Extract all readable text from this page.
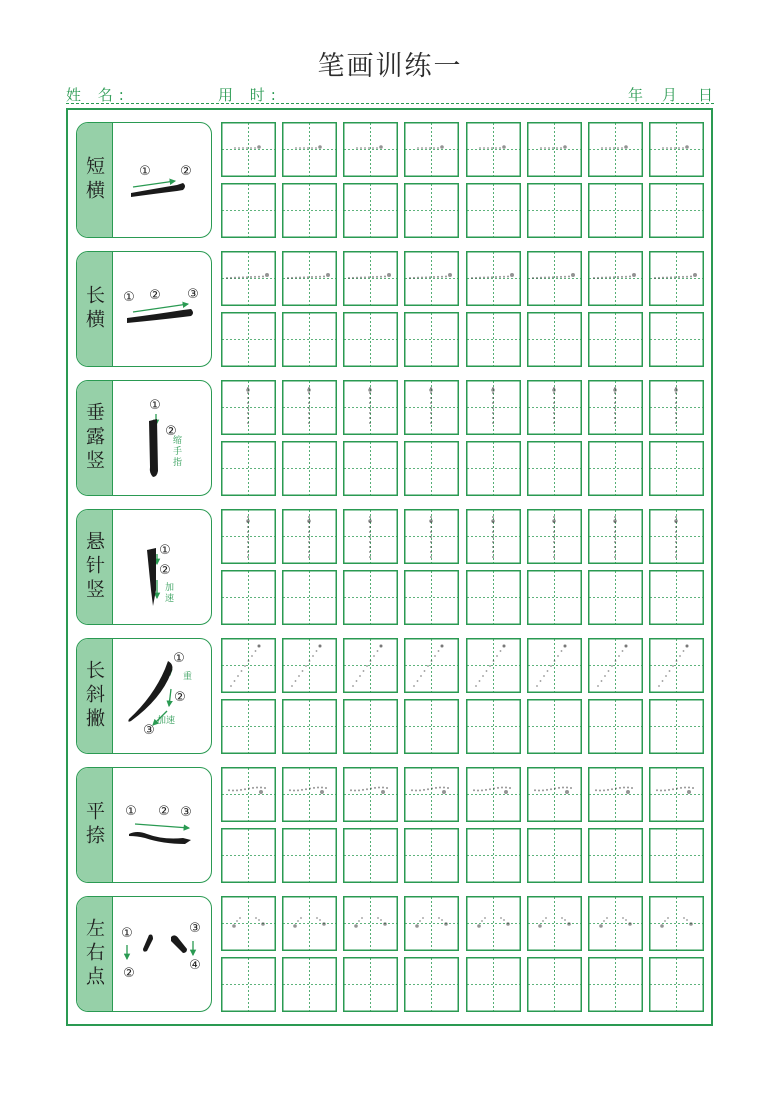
笔画训练一
姓 名:	用 时:	年 月 日
短横	① ②
长横 ① ② ③
垂露竖	①
②
缩
手
指
悬针竖	①
②
加
速
长斜撇
①
②
③
重
加速
平捺 ① ② ③
左右点 ①
②
③
④
